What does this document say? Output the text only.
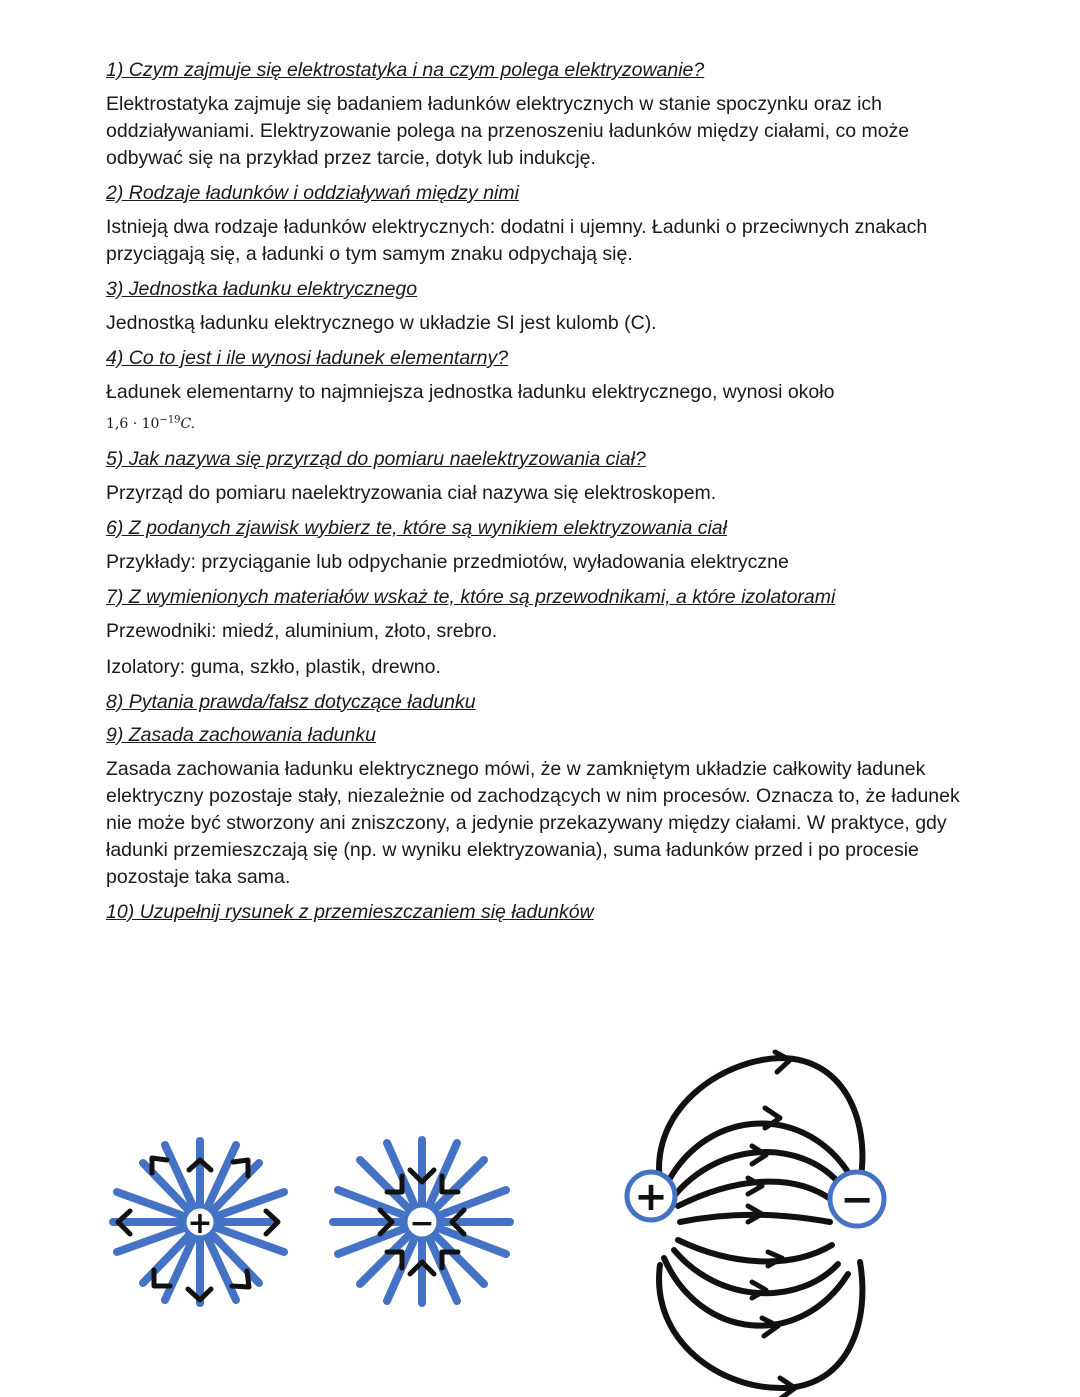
1) Czym zajmuje się elektrostatyka i na czym polega elektryzowanie?
Elektrostatyka zajmuje się badaniem ładunków elektrycznych w stanie spoczynku oraz ich oddziaływaniami. Elektryzowanie polega na przenoszeniu ładunków między ciałami, co może odbywać się na przykład przez tarcie, dotyk lub indukcję.
2) Rodzaje ładunków i oddziaływań między nimi
Istnieją dwa rodzaje ładunków elektrycznych: dodatni i ujemny. Ładunki o przeciwnych znakach przyciągają się, a ładunki o tym samym znaku odpychają się.
3) Jednostka ładunku elektrycznego
Jednostką ładunku elektrycznego w układzie SI jest kulomb (C).
4) Co to jest i ile wynosi ładunek elementarny?
Ładunek elementarny to najmniejsza jednostka ładunku elektrycznego, wynosi około
$1,6 \cdot 10^{-19}C$.
5) Jak nazywa się przyrząd do pomiaru naelektryzowania ciał?
Przyrząd do pomiaru naelektryzowania ciał nazywa się elektroskopem.
6) Z podanych zjawisk wybierz te, które są wynikiem elektryzowania ciał
Przykłady: przyciąganie lub odpychanie przedmiotów, wyładowania elektryczne
7) Z wymienionych materiałów wskaż te, które są przewodnikami, a które izolatorami
Przewodniki: miedź, aluminium, złoto, srebro.
Izolatory: guma, szkło, plastik, drewno.
8) Pytania prawda/fałsz dotyczące ładunku
9) Zasada zachowania ładunku
Zasada zachowania ładunku elektrycznego mówi, że w zamkniętym układzie całkowity ładunek elektryczny pozostaje stały, niezależnie od zachodzących w nim procesów. Oznacza to, że ładunek nie może być stworzony ani zniszczony, a jedynie przekazywany między ciałami. W praktyce, gdy ładunki przemieszczają się (np. w wyniku elektryzowania), suma ładunków przed i po procesie pozostaje taka sama.
10) Uzupełnij rysunek z przemieszczaniem się ładunków
+	−
+	−
